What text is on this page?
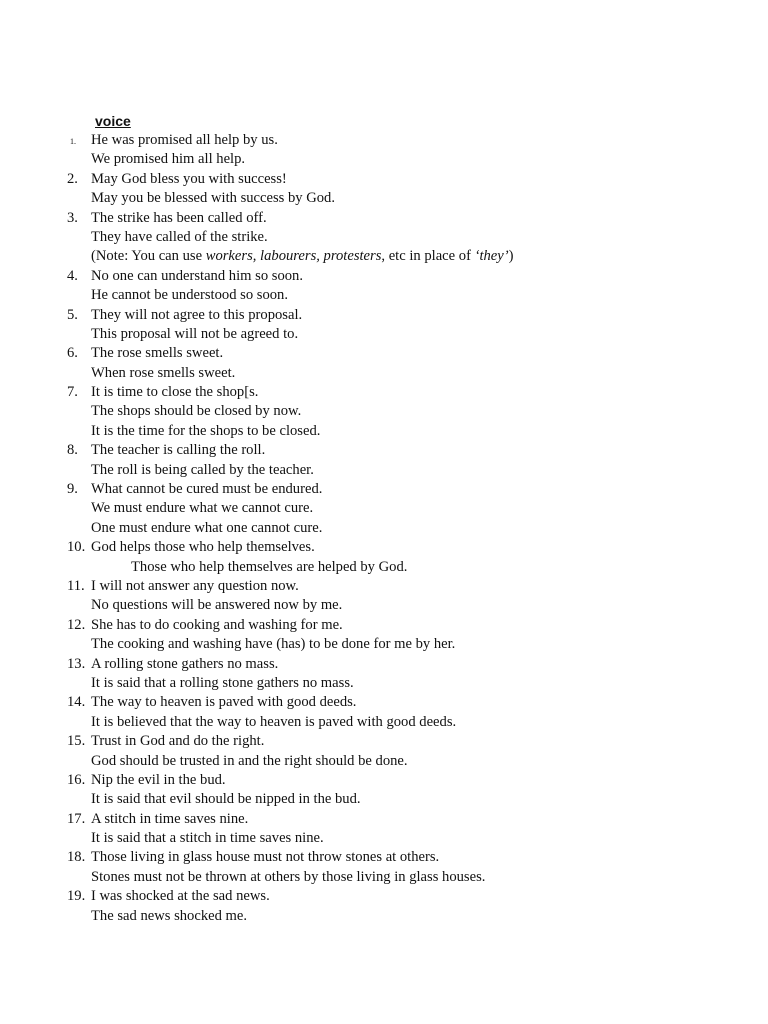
voice
1.	He was promised all help by us.
We promised him all help.
2. May God bless you with success!
May you be blessed with success by God.
3. The strike has been called off.
They have called of the strike.
(Note: You can use workers, labourers, protesters, etc in place of ‘they’)
4. No one can understand him so soon.
He cannot be understood so soon.
5. They will not agree to this proposal.
This proposal will not be agreed to.
6. The rose smells sweet.
When rose smells sweet.
7. It is time to close the shop[s.
The shops should be closed by now.
It is the time for the shops to be closed.
8. The teacher is calling the roll.
The roll is being called by the teacher.
9. What cannot be cured must be endured.
We must endure what we cannot cure.
One must endure what one cannot cure.
10. God helps those who help themselves.
Those who help themselves are helped by God.
11. I will not answer any question now.
No questions will be answered now by me.
12. She has to do cooking and washing for me.
The cooking and washing have (has) to be done for me by her.
13. A rolling stone gathers no mass.
It is said that a rolling stone gathers no mass.
14. The way to heaven is paved with good deeds.
It is believed that the way to heaven is paved with good deeds.
15. Trust in God and do the right.
God should be trusted in and the right should be done.
16. Nip the evil in the bud.
It is said that evil should be nipped in the bud.
17. A stitch in time saves nine.
It is said that a stitch in time saves nine.
18. Those living in glass house must not throw stones at others.
Stones must not be thrown at others by those living in glass houses.
19. I was shocked at the sad news.
The sad news shocked me.
